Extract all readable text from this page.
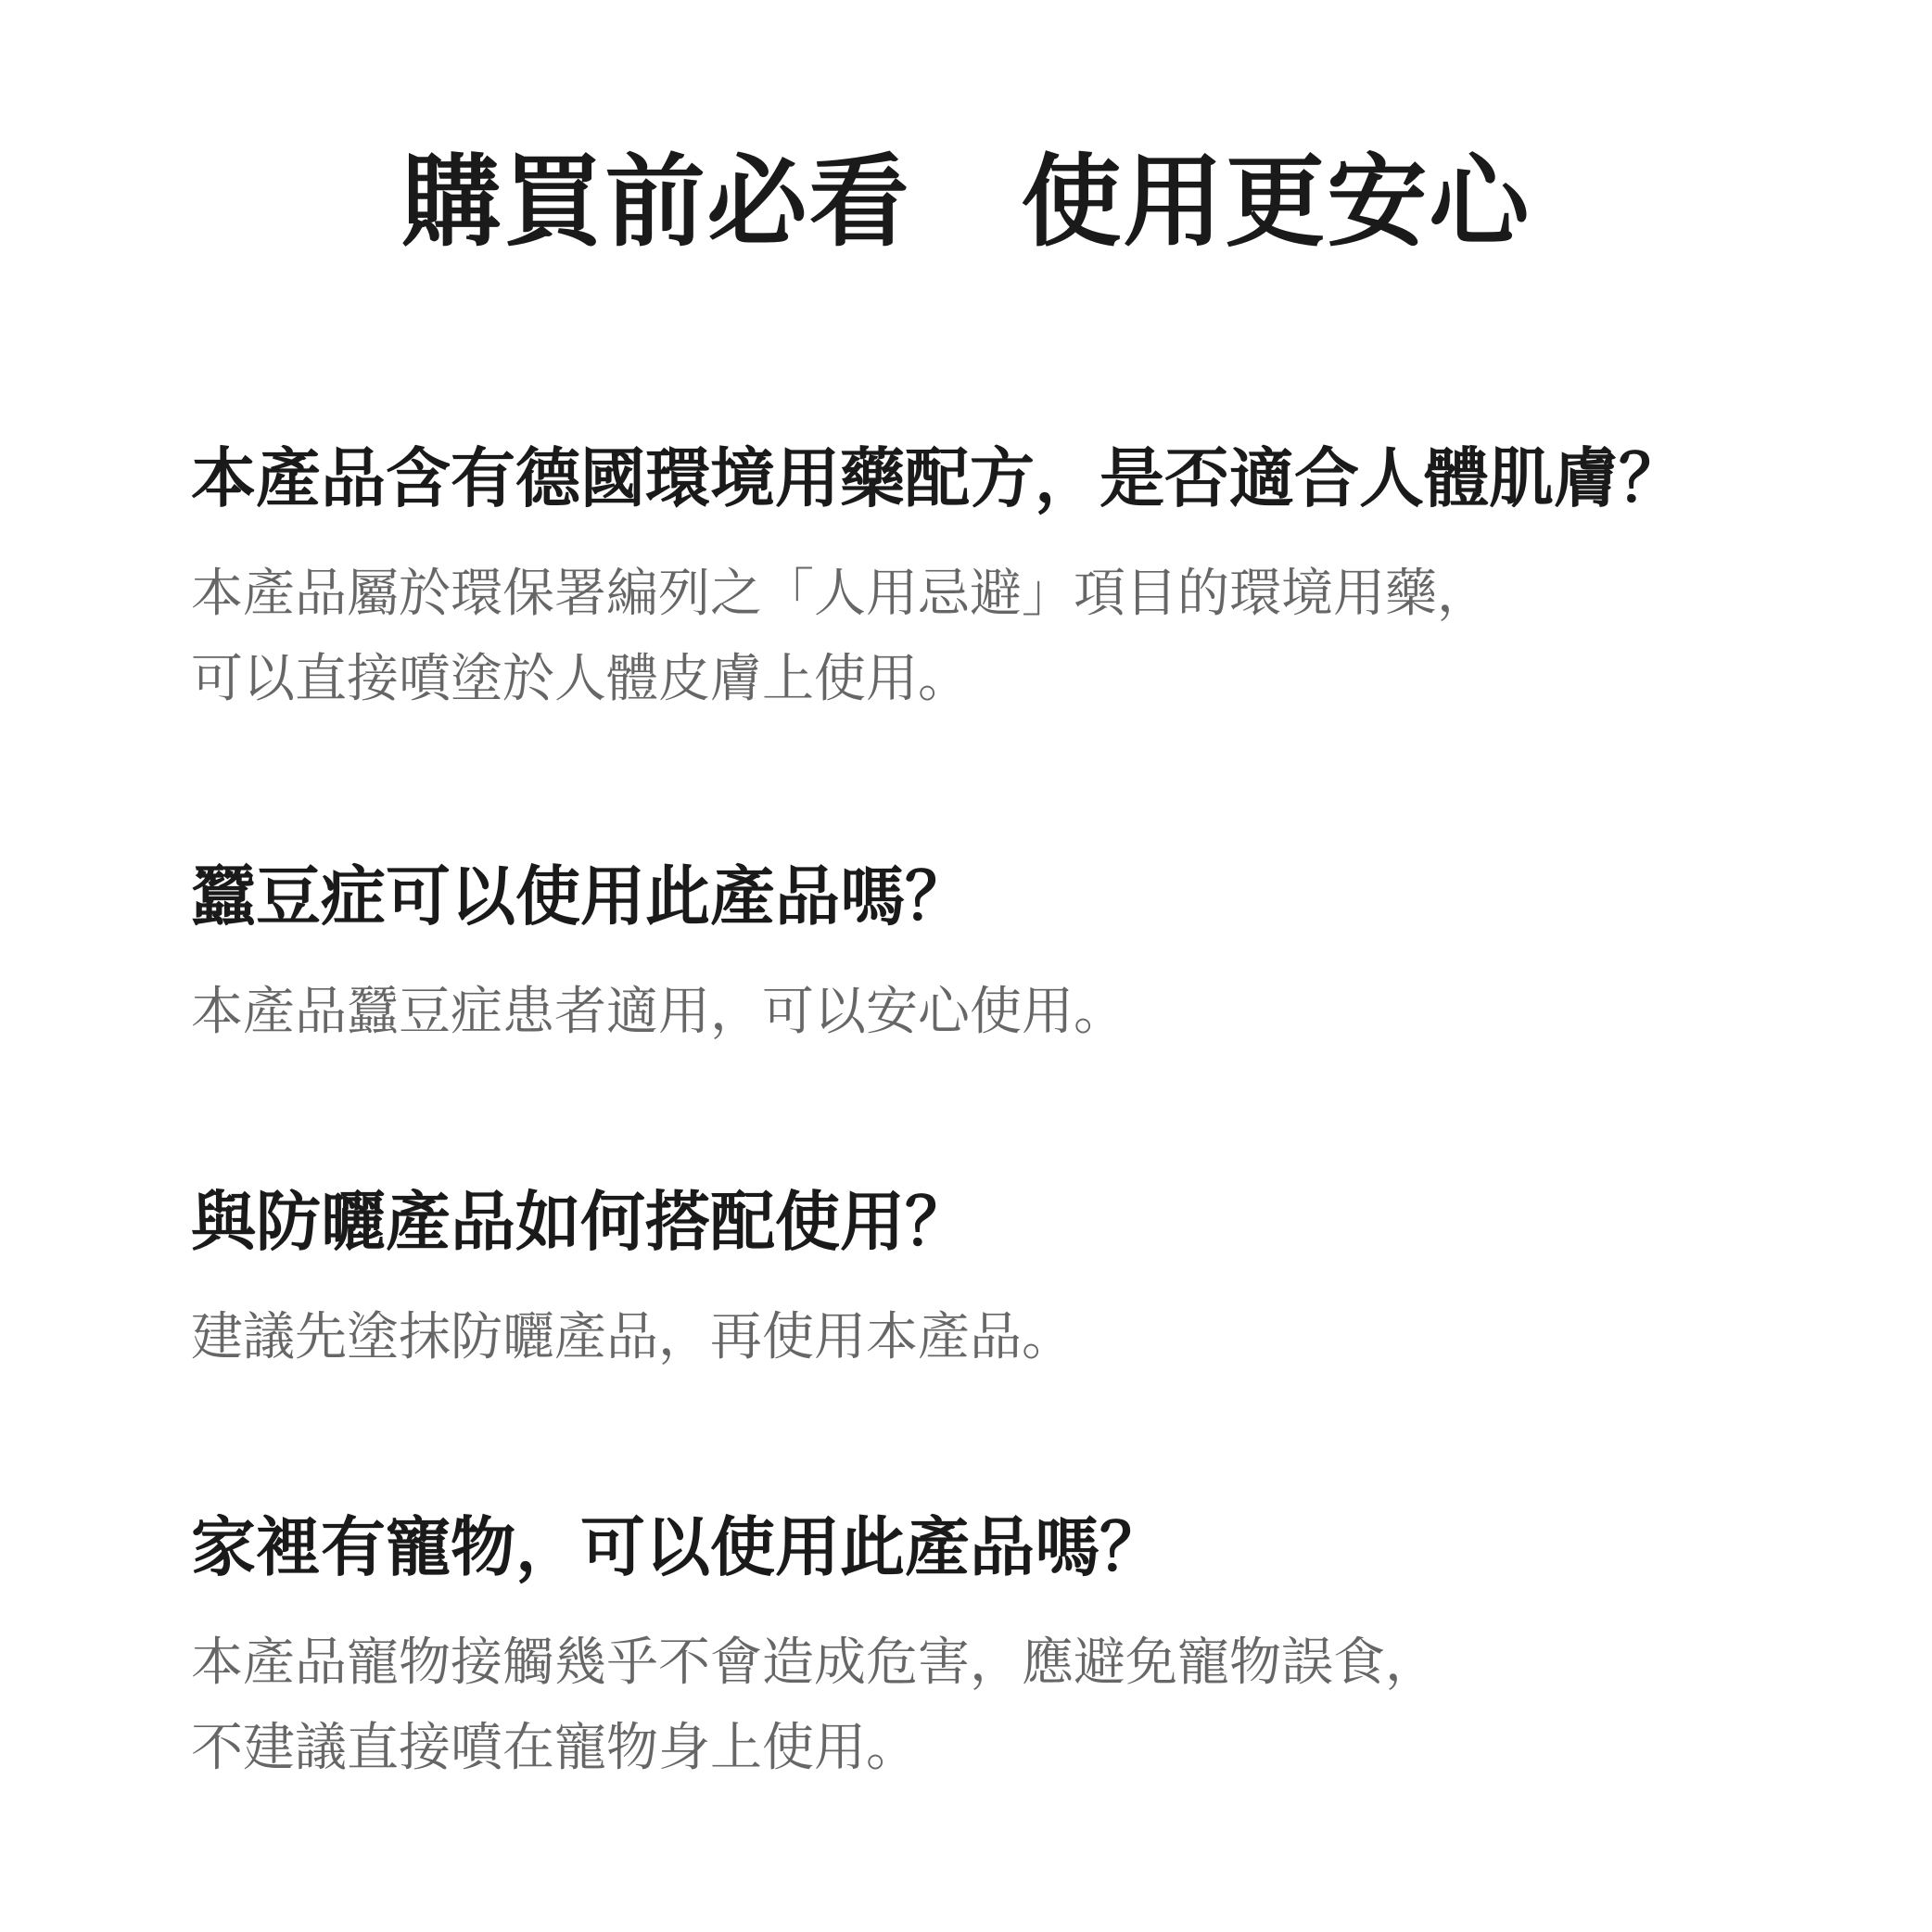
購買前必看   使用更安心
本產品含有德國環境用藥配方，是否適合人體肌膚？
本產品屬於環保署編列之「人用忌避」項目的環境用藥，
可以直接噴塗於人體皮膚上使用。
蠶豆症可以使用此產品嗎？
本產品蠶豆症患者適用，可以安心使用。
與防曬產品如何搭配使用？
建議先塗抹防曬產品，再使用本產品。
家裡有寵物，可以使用此產品嗎？
本產品寵物接觸幾乎不會造成危害，應避免寵物誤食，
不建議直接噴在寵物身上使用。
